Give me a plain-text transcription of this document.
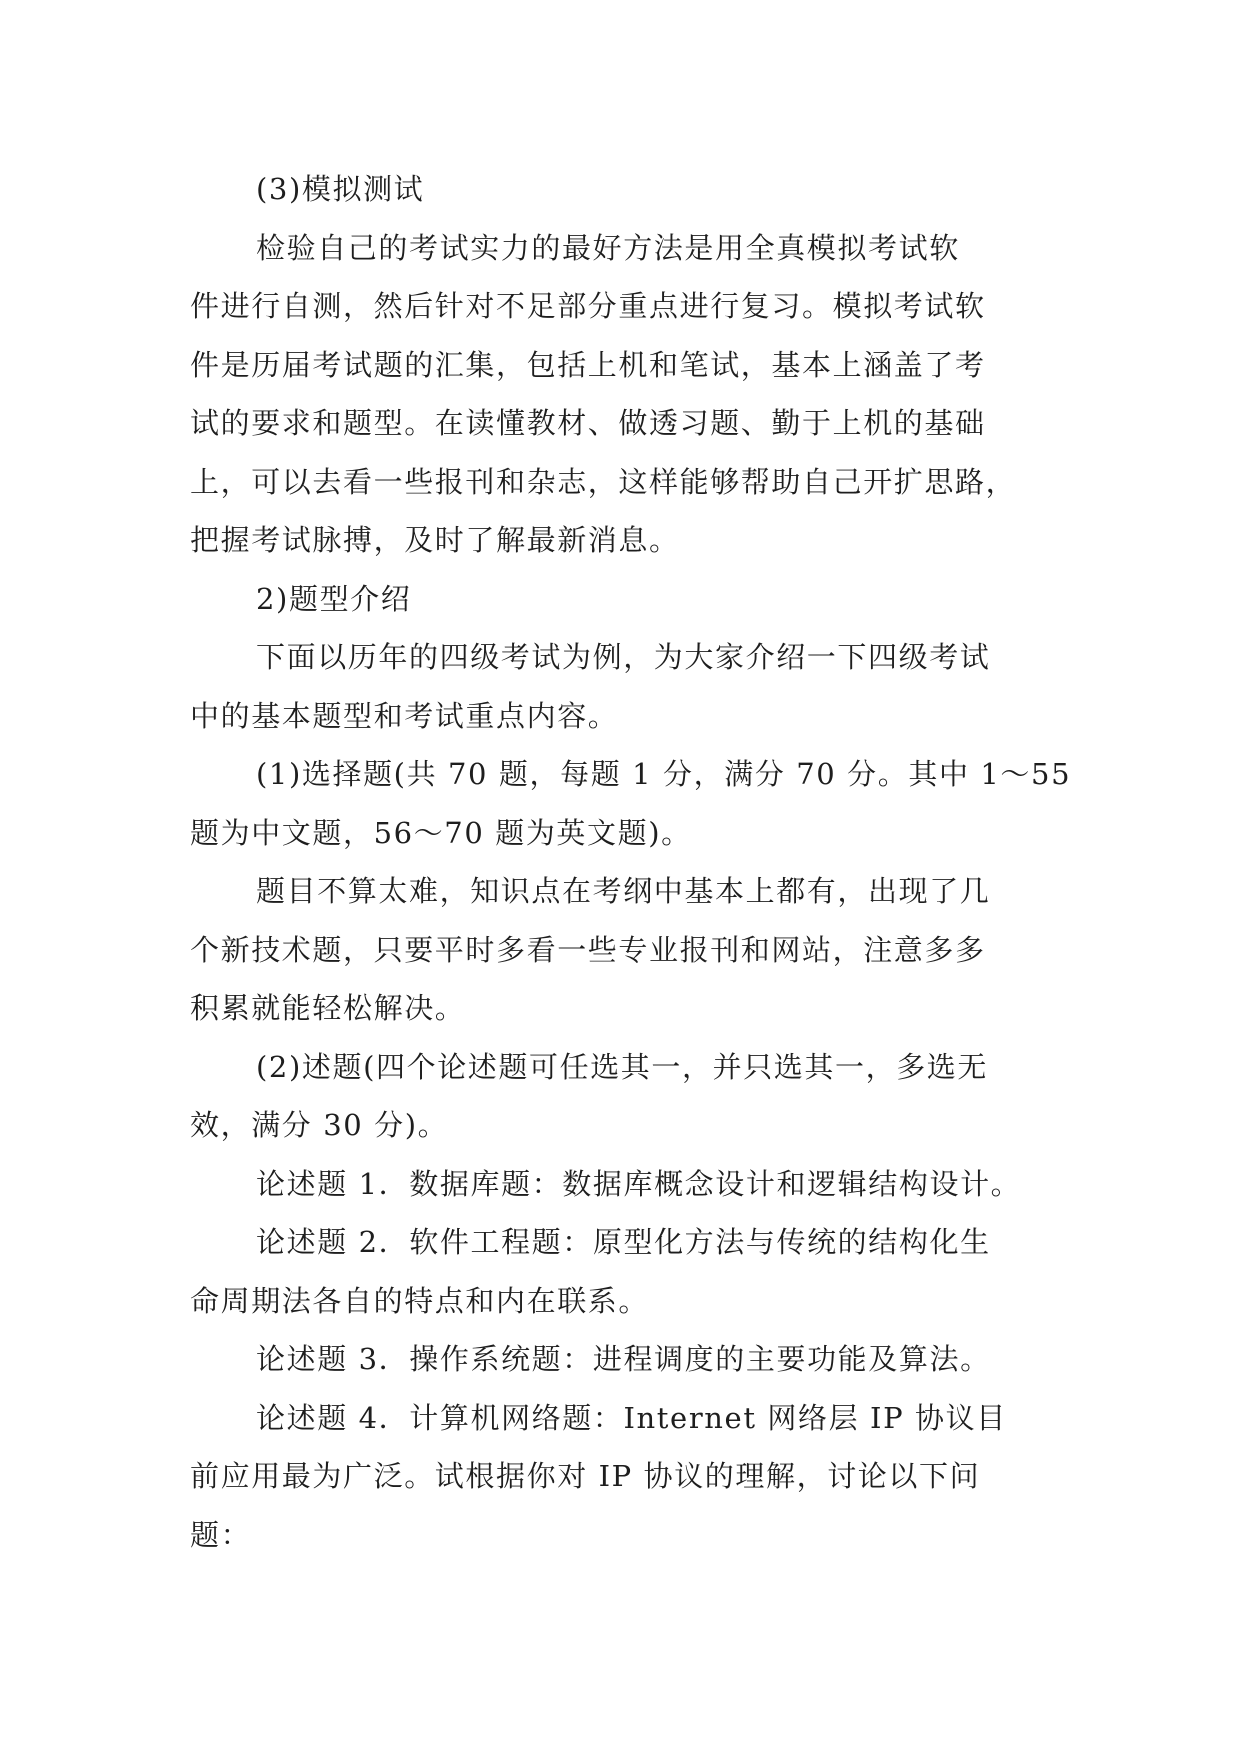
(3)模拟测试
检验自己的考试实力的最好方法是用全真模拟考试软
件进行自测，然后针对不足部分重点进行复习。模拟考试软
件是历届考试题的汇集，包括上机和笔试，基本上涵盖了考
试的要求和题型。在读懂教材、做透习题、勤于上机的基础
上，可以去看一些报刊和杂志，这样能够帮助自己开扩思路，
把握考试脉搏，及时了解最新消息。
2)题型介绍
下面以历年的四级考试为例，为大家介绍一下四级考试
中的基本题型和考试重点内容。
(1)选择题(共 70 题，每题 1 分，满分 70 分。其中 1～55
题为中文题，56～70 题为英文题)。
题目不算太难，知识点在考纲中基本上都有，出现了几
个新技术题，只要平时多看一些专业报刊和网站，注意多多
积累就能轻松解决。
(2)述题(四个论述题可任选其一，并只选其一，多选无
效，满分 30 分)。
论述题 1．数据库题：数据库概念设计和逻辑结构设计。
论述题 2．软件工程题：原型化方法与传统的结构化生
命周期法各自的特点和内在联系。
论述题 3．操作系统题：进程调度的主要功能及算法。
论述题 4．计算机网络题：Internet 网络层 IP 协议目
前应用最为广泛。试根据你对 IP 协议的理解，讨论以下问
题：
